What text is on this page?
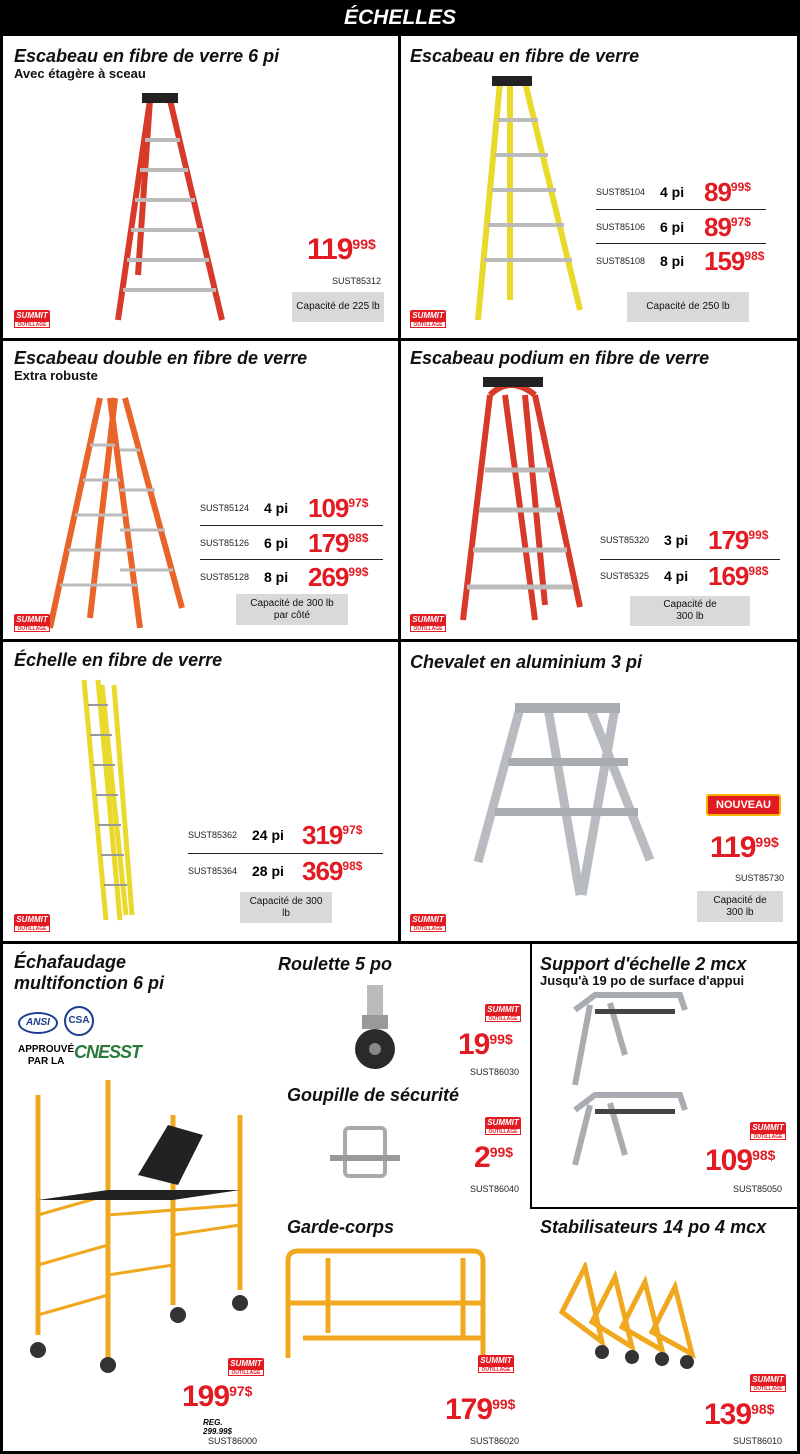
ÉCHELLES
Escabeau en fibre de verre 6 pi
Avec étagère à sceau
11999$
SUST85312
Capacité de 225 lb
SUMMIT
OUTILLAGE
Escabeau en fibre de verre
SUST85104	4 pi $89^{99\$}$
SUST85106	6 pi $89^{97\$}$
SUST85108	8 pi $159^{98\$}$
Capacité de 250 lb
SUMMIT
OUTILLAGE
Escabeau double en fibre de verre
Extra robuste
SUST85124	4 pi $109^{97\$}$
SUST85126	6 pi $179^{98\$}$
SUST85128	8 pi $269^{99\$}$
Capacité de 300 lb par côté
SUMMIT
OUTILLAGE
Escabeau podium en fibre de verre
SUST85320	3 pi $179^{99\$}$
SUST85325	4 pi $169^{98\$}$
Capacité de 300 lb
SUMMIT
OUTILLAGE
Échelle en fibre de verre
SUST85362	24 pi $319^{97\$}$
SUST85364	28 pi $369^{98\$}$
Capacité de 300 lb
SUMMIT
OUTILLAGE
Chevalet en aluminium 3 pi
NOUVEAU
11999$
SUST85730
Capacité de 300 lb
SUMMIT
OUTILLAGE
Échafaudage
multifonction 6 pi
ANSI	CSA
APPROUVÉ
PAR LA CNESST
SUMMIT
OUTILLAGE
19997$
REG. 299.99$
SUST86000
Roulette 5 po
SUMMIT
OUTILLAGE
1999$
SUST86030
Goupille de sécurité
SUMMIT
OUTILLAGE
299$
SUST86040
Support d'échelle 2 mcx
Jusqu'à 19 po de surface d'appui
SUMMIT
OUTILLAGE
10998$
SUST85050
Garde-corps
SUMMIT
OUTILLAGE
17999$
SUST86020
Stabilisateurs 14 po 4 mcx
SUMMIT
OUTILLAGE
13998$
SUST86010
